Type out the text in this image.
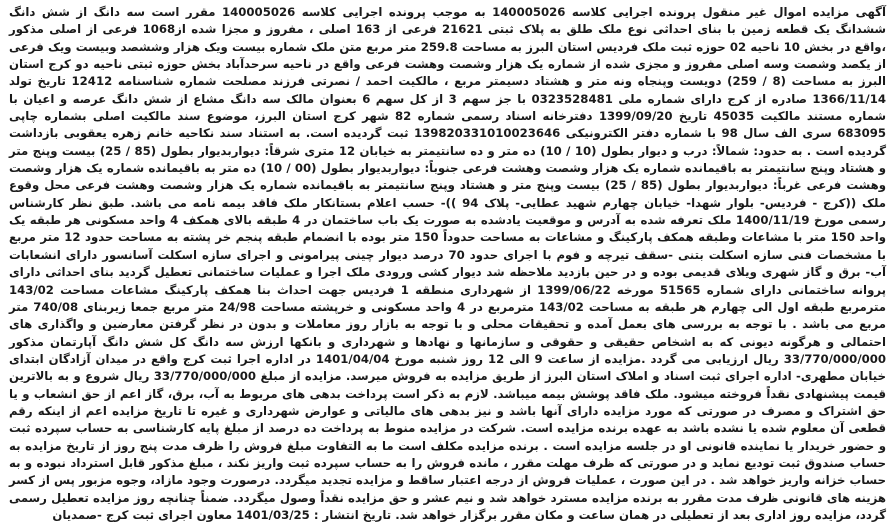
آگهی مزایده اموال غیر منقول پرونده اجرایی کلاسه 140005026 به موجب پرونده اجرایی کلاسه 140005026 مقرر است سه دانگ از شش دانگ ششدانگ یک قطعه زمین با بنای احداثی نوع ملک طلق به پلاک ثبتی 21621 فرعی از 163 اصلی ، مفروز و مجزا شده از1068 فرعی از اصلی مذکور ،واقع در بخش 10 ناحیه 02 حوزه ثبت ملک فردیس استان البرز به مساحت 259.8 متر مربع متن ملک شماره بیست ویک هزار وششصد وبیست ویک فرعی از یکصد وشصت وسه اصلی مفروز و مجزی شده از شماره یک هزار وشصت وهشت فرعی واقع در ناحیه سرحدآباد بخش حوزه ثبتی ناحیه دو کرج استان البرز به مساحت (8 / 259) دویست وپنجاه ونه متر و هشتاد دسیمتر مربع ، مالکیت احمد / نصرتی فرزند مصلحت شماره شناسنامه 12412 تاریخ تولد 1366/11/14 صادره از کرج دارای شماره ملی 0323528481 با جز سهم 3 از کل سهم 6 بعنوان مالک سه دانگ مشاع از شش دانگ عرصه و اعیان با شماره مستند مالکیت 45035 تاریخ 1399/09/20 دفترخانه اسناد رسمی شماره 82 شهر کرج استان البرز، موضوع سند مالکیت اصلی بشماره چاپی 683095 سری الف سال 98 با شماره دفتر الکترونیکی 139820331010023646 ثبت گردیده است. به استناد سند نکاحیه خانم زهره یعقوبی بازداشت گردیده است . به حدود: شمالاً: درب و دیوار بطول (10 / 10) ده متر و ده سانتیمتر به خیابان 12 متری شرقاً: دیواربدیوار بطول (85 / 25) بیست وپنج متر و هشتاد وپنج سانتیمتر به باقیمانده شماره یک هزار وشصت وهشت فرعی جنوباً: دیواربدیوار بطول (00 / 10) ده متر به باقیمانده شماره یک هزار وشصت وهشت فرعی غرباً: دیواربدیوار بطول (85 / 25) بیست وپنج متر و هشتاد وپنج سانتیمتر به باقیمانده شماره یک هزار وشصت وهشت فرعی محل وقوع ملک ((کرج - فردیس- بلوار شهدا- خیابان چهارم شهید عطایی- پلاک 94 ))- حسب اعلام بستانکار ملک فاقد بیمه نامه می باشد. طبق نظر کارشناس رسمی مورخ 1400/11/19 ملک تعرفه شده به آدرس و موقعیت یادشده به صورت یک باب ساختمان در 4 طبقه بالای همکف 4 واحد مسکونی هر طبقه یک واحد 150 متر با مشاعات وطبقه همکف پارکینگ و مشاعات به مساحت حدوداً 150 متر بوده با انضمام طبقه پنجم خر پشته به مساحت حدود 12 متر مربع با مشخصات فنی سازه اسکلت بتنی -سقف تیرچه و فوم با اجرای حدود 70 درصد دیوار چینی پیرامونی و اجرای سازه اسکلت آسانسور دارای انشعابات آب- برق و گاز شهری ویلای قدیمی بوده و در حین بازدید ملاحظه شد دیوار کشی ورودی ملک اجرا و عملیات ساختمانی تعطیل گردید بنای احداثی دارای پروانه ساختمانی دارای شماره 51565 مورخه 1399/06/22 از شهرداری منطقه 1 فردیس جهت احداث بنا همکف پارکینگ مشاعات مساحت 143/02 مترمربع طبقه اول الی چهارم هر طبقه به مساحت 143/02 مترمربع در 4 واحد مسکونی و خرپشته مساحت 24/98 متر مربع جمعا زیربنای 740/08 متر مربع می باشد . با توجه به بررسی های بعمل آمده و تحقیقات محلی و با توجه به بازار روز معاملات و بدون در نظر گرفتن معارضین و واگذاری های احتمالی و هرگونه دیونی که به اشخاص حقیقی و حقوقی و سازمانها و نهادها و شهرداری و بانکها ارزش سه دانگ کل شش دانگ آپارتمان مذکور 33/770/000/000 ریال ارزیابی می گردد .مزایده از ساعت 9 الی 12 روز شنبه مورخ 1401/04/04 در اداره اجرا ثبت کرج واقع در میدان آزادگان ابتدای خیابان مطهری- اداره اجرای ثبت اسناد و املاک استان البرز از طریق مزایده به فروش میرسد. مزایده از مبلغ 33/770/000/000 ریال شروع و به بالاترین قیمت پیشنهادی نقداً فروخته میشود. ملک فاقد پوشش بیمه میباشد. لازم به ذکر است پرداخت بدهی های مربوط به آب، برق، گاز اعم از حق انشعاب و یا حق اشتراک و مصرف در صورتی که مورد مزایده دارای آنها باشد و نیز بدهی های مالیاتی و عوارض شهرداری و غیره تا تاریخ مزایده اعم از اینکه رقم قطعی آن معلوم شده یا نشده باشد به عهده برنده مزایده است. شرکت در مزایده منوط به پرداخت ده درصد از مبلغ پایه کارشناسی به حساب سپرده ثبت و حضور خریدار یا نماینده قانونی او در جلسه مزایده است . برنده مزایده مکلف است ما به التفاوت مبلغ فروش را ظرف مدت پنج روز از تاریخ مزایده به حساب صندوق ثبت تودیع نماید و در صورتی که ظرف مهلت مقرر ، مانده فروش را به حساب سپرده ثبت واریز نکند ، مبلغ مذکور قابل استرداد نبوده و به حساب خزانه واریز خواهد شد . در این صورت ، عملیات فروش از درجه اعتبار ساقط و مزایده تجدید میگردد. درصورت وجود مازاد، وجوه مزبور پس از کسر هزینه های قانونی ظرف مدت مقرر به برنده مزایده مسترد خواهد شد و نیم عشر و حق مزایده نقداً وصول میگردد. ضمناً چنانچه روز مزایده تعطیل رسمی گردد، مزایده روز اداری بعد از تعطیلی در همان ساعت و مکان مقرر برگزار خواهد شد. تاریخ انتشار : 1401/03/25 معاون اجرای ثبت کرج -صمدیان
